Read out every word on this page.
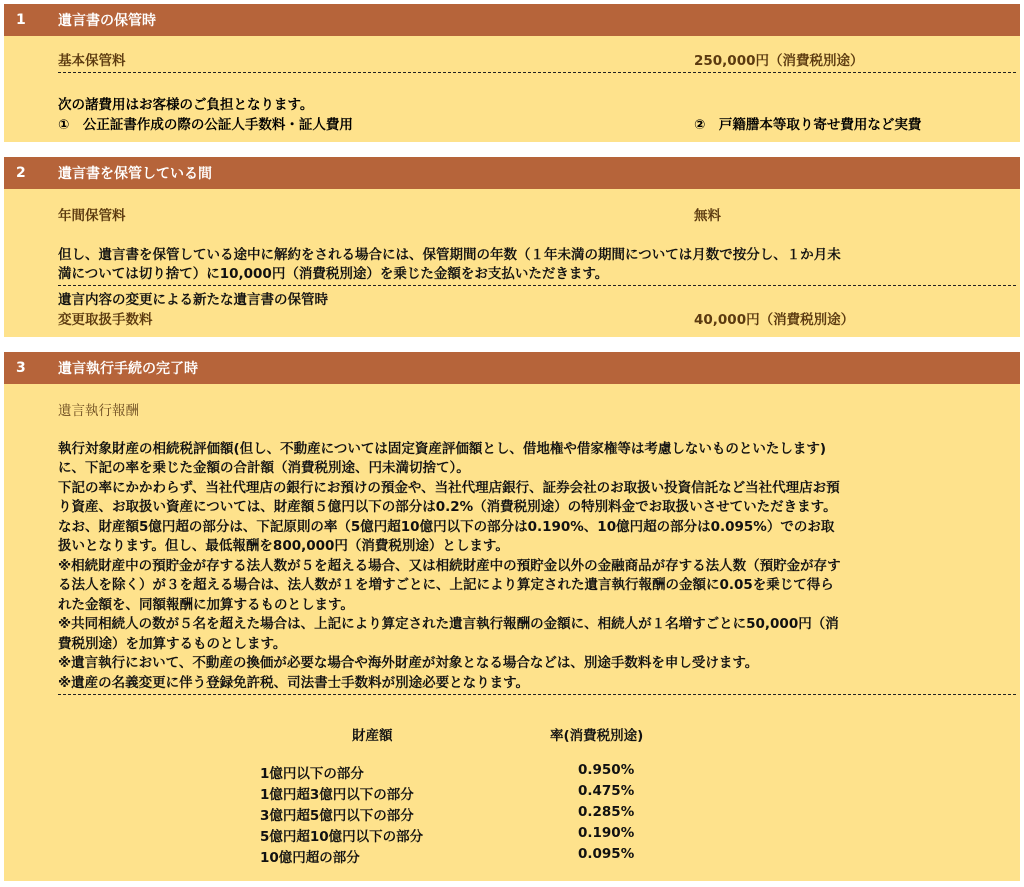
1	遺言書の保管時
基本保管料	250,000円（消費税別途）
次の諸費用はお客様のご負担となります。
①　公正証書作成の際の公証人手数料・証人費用	②　戸籍謄本等取り寄せ費用など実費
2	遺言書を保管している間
年間保管料	無料
但し、遺言書を保管している途中に解約をされる場合には、保管期間の年数（１年未満の期間については月数で按分し、１か月未
満については切り捨て）に10,000円（消費税別途）を乗じた金額をお支払いただきます。
遺言内容の変更による新たな遺言書の保管時
変更取扱手数料	40,000円（消費税別途）
3	遺言執行手続の完了時
遺言執行報酬
執行対象財産の相続税評価額(但し、不動産については固定資産評価額とし、借地権や借家権等は考慮しないものといたします)
に、下記の率を乗じた金額の合計額（消費税別途、円未満切捨て）。
下記の率にかかわらず、当社代理店の銀行にお預けの預金や、当社代理店銀行、証券会社のお取扱い投資信託など当社代理店お預
り資産、お取扱い資産については、財産額５億円以下の部分は0.2%（消費税別途）の特別料金でお取扱いさせていただきます。
なお、財産額5億円超の部分は、下記原則の率（5億円超10億円以下の部分は0.190%、10億円超の部分は0.095%）でのお取
扱いとなります。但し、最低報酬を800,000円（消費税別途）とします。
※相続財産中の預貯金が存する法人数が５を超える場合、又は相続財産中の預貯金以外の金融商品が存する法人数（預貯金が存す
る法人を除く）が３を超える場合は、法人数が１を増すごとに、上記により算定された遺言執行報酬の金額に0.05を乗じて得ら
れた金額を、同額報酬に加算するものとします。
※共同相続人の数が５名を超えた場合は、上記により算定された遺言執行報酬の金額に、相続人が１名増すごとに50,000円（消
費税別途）を加算するものとします。
※遺言執行において、不動産の換価が必要な場合や海外財産が対象となる場合などは、別途手数料を申し受けます。
※遺産の名義変更に伴う登録免許税、司法書士手数料が別途必要となります。
財産額	率(消費税別途)
1億円以下の部分	0.950%
1億円超3億円以下の部分	0.475%
3億円超5億円以下の部分	0.285%
5億円超10億円以下の部分	0.190%
10億円超の部分	0.095%
